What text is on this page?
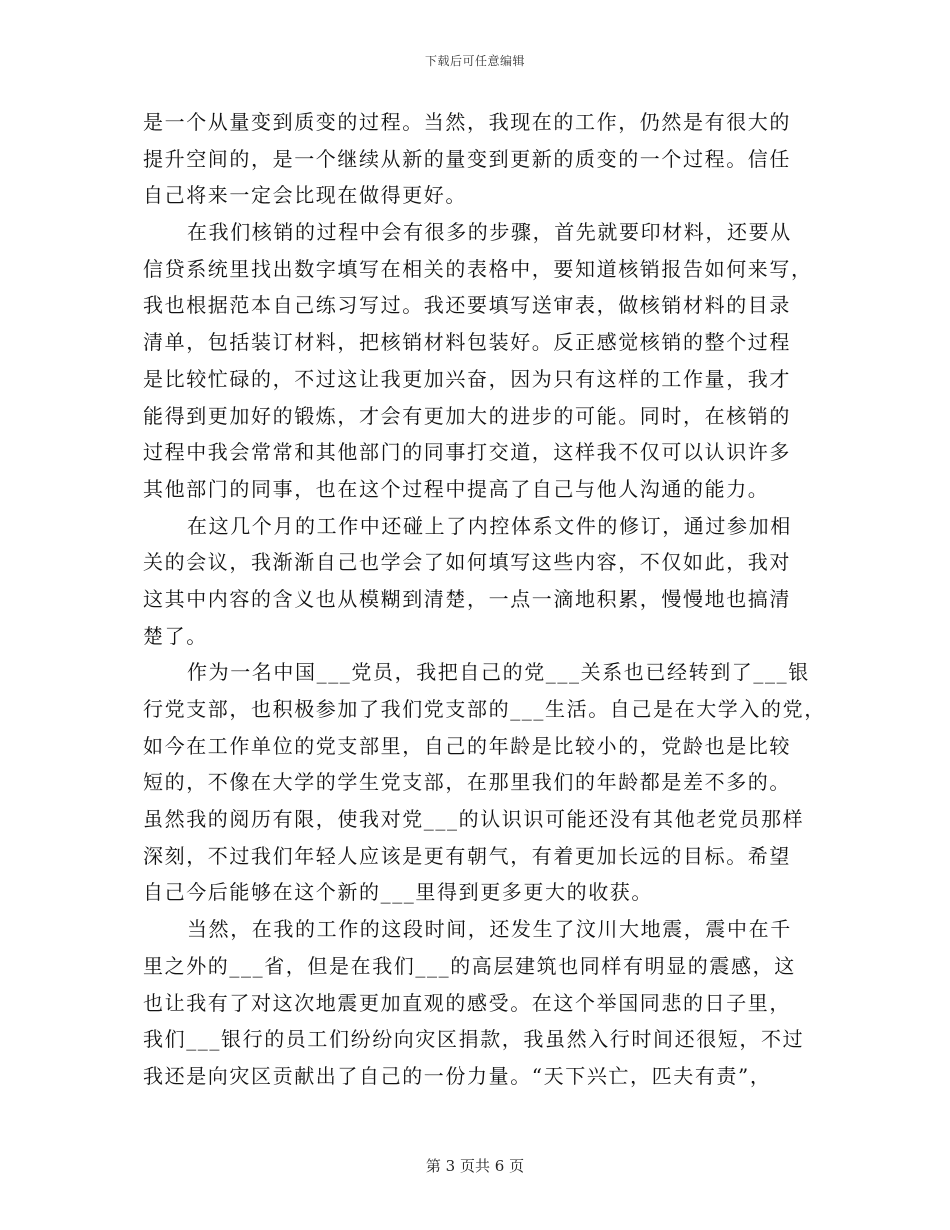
下载后可任意编辑
是一个从量变到质变的过程。当然，我现在的工作，仍然是有很大的
提升空间的，是一个继续从新的量变到更新的质变的一个过程。信任
自己将来一定会比现在做得更好。
在我们核销的过程中会有很多的步骤，首先就要印材料，还要从
信贷系统里找出数字填写在相关的表格中，要知道核销报告如何来写，
我也根据范本自己练习写过。我还要填写送审表，做核销材料的目录
清单，包括装订材料，把核销材料包装好。反正感觉核销的整个过程
是比较忙碌的，不过这让我更加兴奋，因为只有这样的工作量，我才
能得到更加好的锻炼，才会有更加大的进步的可能。同时，在核销的
过程中我会常常和其他部门的同事打交道，这样我不仅可以认识许多
其他部门的同事，也在这个过程中提高了自己与他人沟通的能力。
在这几个月的工作中还碰上了内控体系文件的修订，通过参加相
关的会议，我渐渐自己也学会了如何填写这些内容，不仅如此，我对
这其中内容的含义也从模糊到清楚，一点一滴地积累，慢慢地也搞清
楚了。
作为一名中国___党员，我把自己的党___关系也已经转到了___银
行党支部，也积极参加了我们党支部的___生活。自己是在大学入的党，
如今在工作单位的党支部里，自己的年龄是比较小的，党龄也是比较
短的，不像在大学的学生党支部，在那里我们的年龄都是差不多的。
虽然我的阅历有限，使我对党___的认识识可能还没有其他老党员那样
深刻，不过我们年轻人应该是更有朝气，有着更加长远的目标。希望
自己今后能够在这个新的___里得到更多更大的收获。
当然，在我的工作的这段时间，还发生了汶川大地震，震中在千
里之外的___省，但是在我们___的高层建筑也同样有明显的震感，这
也让我有了对这次地震更加直观的感受。在这个举国同悲的日子里，
我们___银行的员工们纷纷向灾区捐款，我虽然入行时间还很短，不过
我还是向灾区贡献出了自己的一份力量。“天下兴亡，匹夫有责”，
第 3 页共 6 页
